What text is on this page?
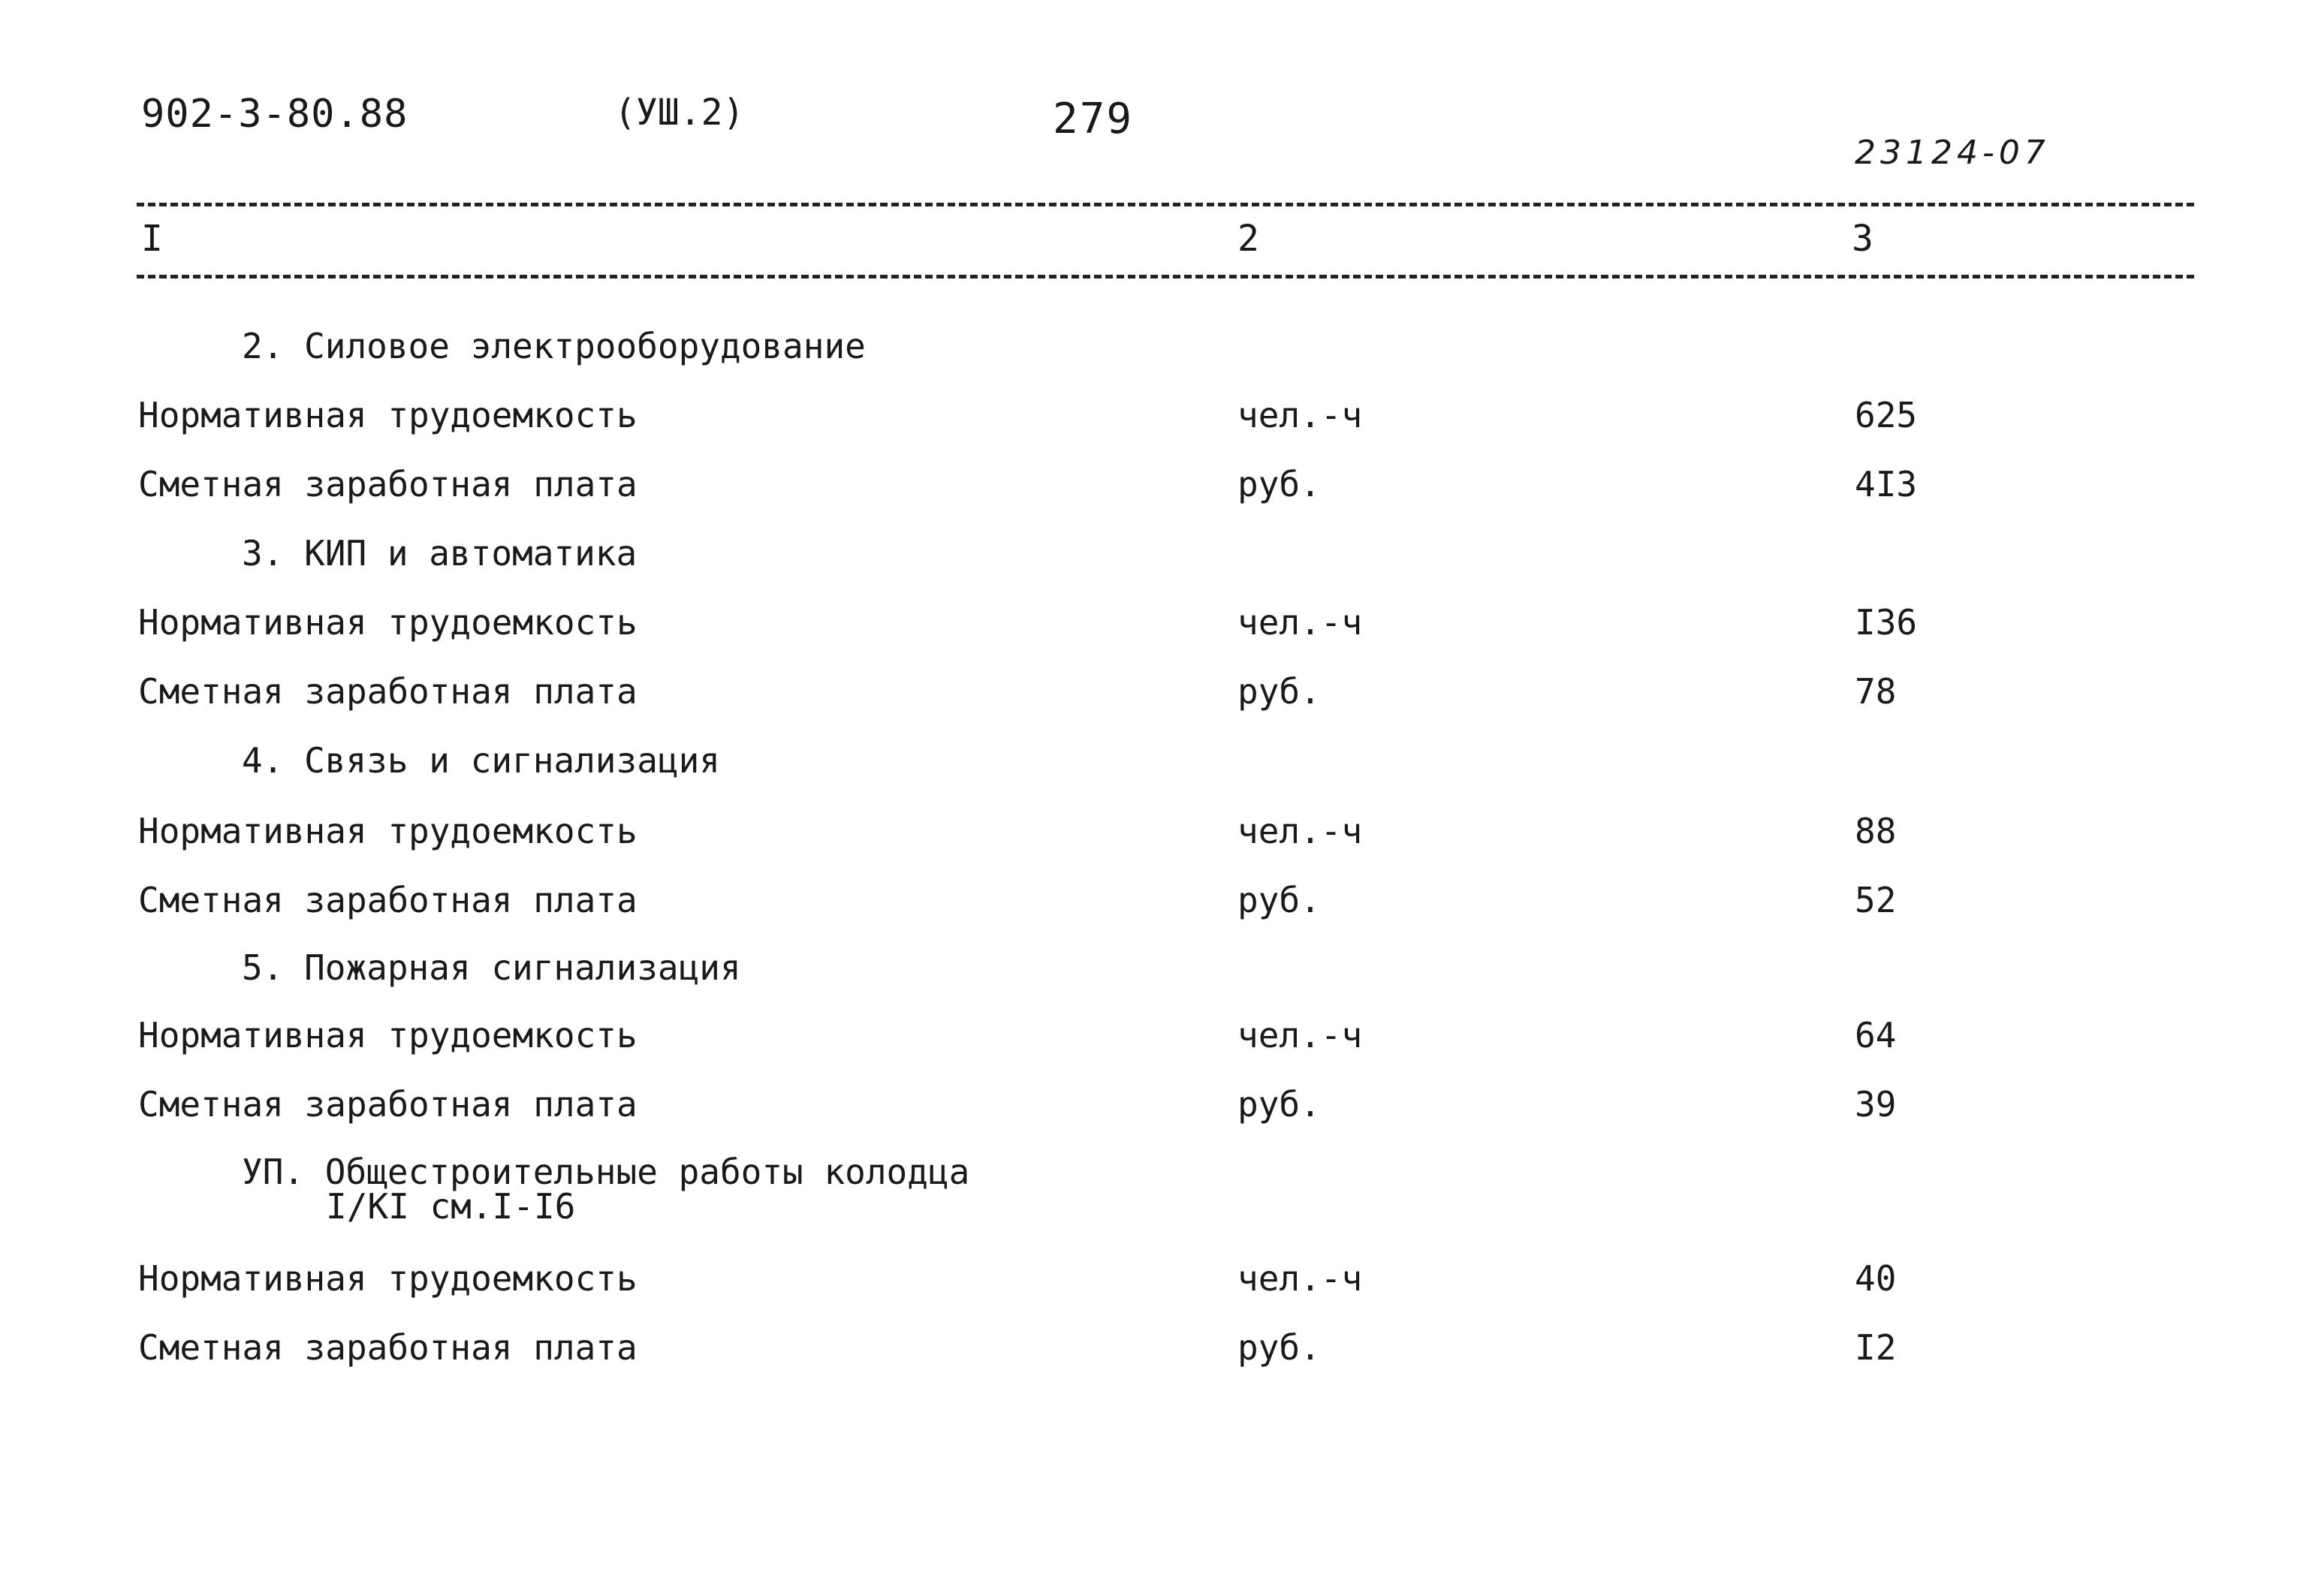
902-3-80.88	(УШ.2)	279
23124-07
I	2	3
2. Силовое электрооборудование
Нормативная трудоемкость	чел.-ч	625
Сметная заработная плата	руб.	4I3
3. КИП и автоматика
Нормативная трудоемкость	чел.-ч	I36
Сметная заработная плата	руб.	78
4. Связь и сигнализация
Нормативная трудоемкость	чел.-ч	88
Сметная заработная плата	руб.	52
5. Пожарная сигнализация
Нормативная трудоемкость	чел.-ч	64
Сметная заработная плата	руб.	39
УП. Общестроительные работы колодца
I/KI см.I-I6
Нормативная трудоемкость	чел.-ч	40
Сметная заработная плата	руб.	I2
